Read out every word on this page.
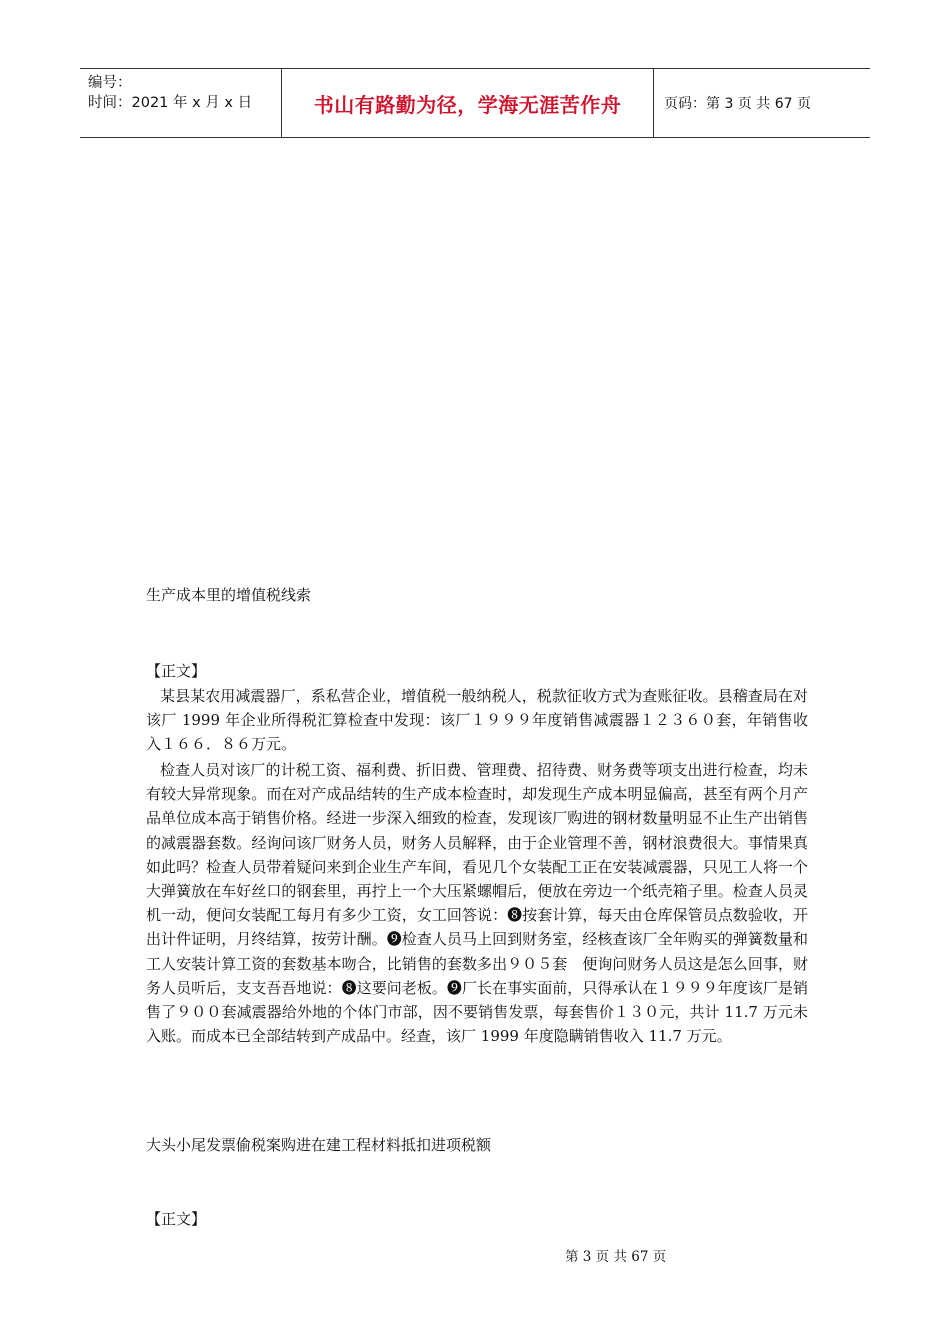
编号：
时间：2021 年 x 月 x 日	书山有路勤为径，学海无涯苦作舟	页码：第 3 页 共 67 页
生产成本里的增值税线索
【正文】
某县某农用减震器厂，系私营企业，增值税一般纳税人，税款征收方式为查账征收。县稽查局在对该厂 1999 年企业所得税汇算检查中发现：该厂１９９９年度销售减震器１２３６０套，年销售收入１６６．８６万元。
检查人员对该厂的计税工资、福利费、折旧费、管理费、招待费、财务费等项支出进行检查，均未有较大异常现象。而在对产成品结转的生产成本检查时，却发现生产成本明显偏高，甚至有两个月产品单位成本高于销售价格。经进一步深入细致的检查，发现该厂购进的钢材数量明显不止生产出销售的减震器套数。经询问该厂财务人员，财务人员解释，由于企业管理不善，钢材浪费很大。事情果真如此吗？检查人员带着疑问来到企业生产车间，看见几个女装配工正在安装减震器，只见工人将一个大弹簧放在车好丝口的钢套里，再拧上一个大压紧螺帽后，便放在旁边一个纸壳箱子里。检查人员灵机一动，便问女装配工每月有多少工资，女工回答说：❽按套计算，每天由仓库保管员点数验收，开出计件证明，月终结算，按劳计酬。❾检查人员马上回到财务室，经核查该厂全年购买的弹簧数量和工人安装计算工资的套数基本吻合，比销售的套数多出９０５套　便询问财务人员这是怎么回事，财务人员听后，支支吾吾地说：❽这要问老板。❾厂长在事实面前，只得承认在１９９９年度该厂是销售了９００套减震器给外地的个体门市部，因不要销售发票，每套售价１３０元，共计 11.7 万元未入账。而成本已全部结转到产成品中。经查，该厂 1999 年度隐瞒销售收入 11.7 万元。
大头小尾发票偷税案购进在建工程材料抵扣进项税额
【正文】
第 3 页 共 67 页
